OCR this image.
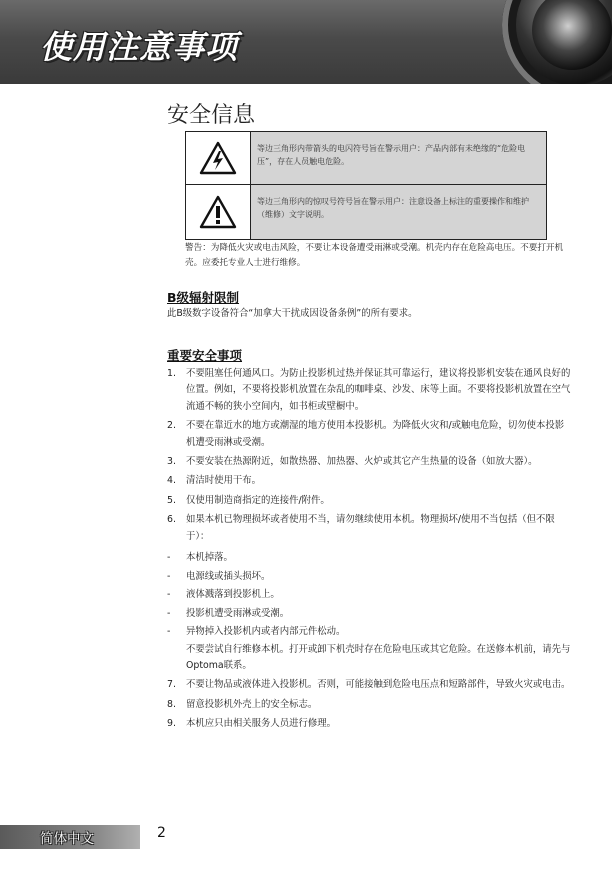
使用注意事项
安全信息
等边三角形内带箭头的电闪符号旨在警示用户：产品内部有未绝缘的“危险电压”，存在人员触电危险。
等边三角形内的惊叹号符号旨在警示用户：注意设备上标注的重要操作和维护（维修）文字说明。
警告：为降低火灾或电击风险，不要让本设备遭受雨淋或受潮。机壳内存在危险高电压。不要打开机壳。应委托专业人士进行维修。
B级辐射限制
此B级数字设备符合“加拿大干扰成因设备条例”的所有要求。
重要安全事项
1.	不要阻塞任何通风口。为防止投影机过热并保证其可靠运行，建议将投影机安装在通风良好的位置。例如，不要将投影机放置在杂乱的咖啡桌、沙发、床等上面。不要将投影机放置在空气流通不畅的狭小空间内，如书柜或壁橱中。
2.	不要在靠近水的地方或潮湿的地方使用本投影机。为降低火灾和/或触电危险，切勿使本投影机遭受雨淋或受潮。
3.	不要安装在热源附近，如散热器、加热器、火炉或其它产生热量的设备（如放大器）。
4.	清洁时使用干布。
5.	仅使用制造商指定的连接件/附件。
6.	如果本机已物理损坏或者使用不当，请勿继续使用本机。物理损坏/使用不当包括（但不限于）：
-	本机掉落。
-	电源线或插头损坏。
-	液体溅落到投影机上。
-	投影机遭受雨淋或受潮。
-	异物掉入投影机内或者内部元件松动。
不要尝试自行维修本机。打开或卸下机壳时存在危险电压或其它危险。在送修本机前，请先与Optoma联系。
7.	不要让物品或液体进入投影机。否则，可能接触到危险电压点和短路部件，导致火灾或电击。
8.	留意投影机外壳上的安全标志。
9.	本机应只由相关服务人员进行修理。
简体中文	2
